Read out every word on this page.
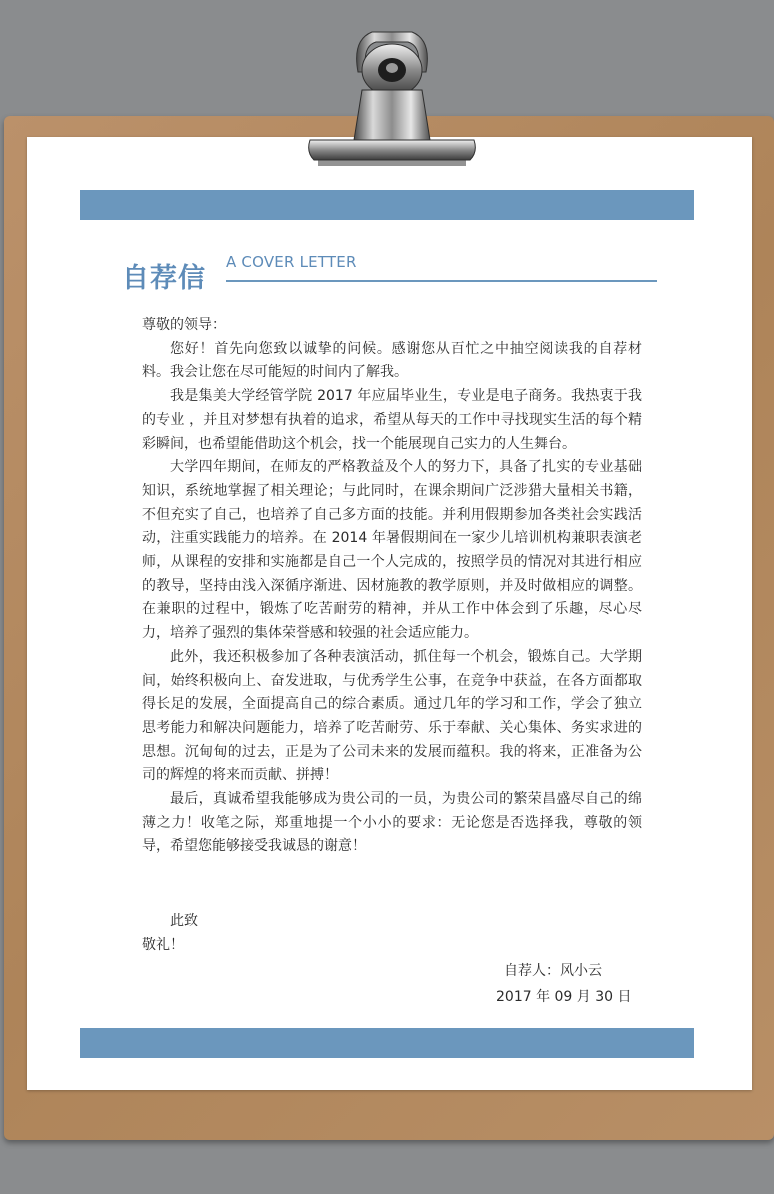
自荐信
A COVER LETTER

尊敬的领导：

您好！首先向您致以诚挚的问候。感谢您从百忙之中抽空阅读我的自荐材料。我会让您在尽可能短的时间内了解我。

我是集美大学经管学院 2017 年应届毕业生，专业是电子商务。我热衷于我的专业 ，并且对梦想有执着的追求，希望从每天的工作中寻找现实生活的每个精彩瞬间，也希望能借助这个机会，找一个能展现自己实力的人生舞台。

大学四年期间，在师友的严格教益及个人的努力下，具备了扎实的专业基础知识，系统地掌握了相关理论；与此同时，在课余期间广泛涉猎大量相关书籍，不但充实了自己，也培养了自己多方面的技能。并利用假期参加各类社会实践活动，注重实践能力的培养。在 2014 年暑假期间在一家少儿培训机构兼职表演老师，从课程的安排和实施都是自己一个人完成的，按照学员的情况对其进行相应的教导，坚持由浅入深循序渐进、因材施教的教学原则，并及时做相应的调整。在兼职的过程中，锻炼了吃苦耐劳的精神，并从工作中体会到了乐趣，尽心尽力，培养了强烈的集体荣誉感和较强的社会适应能力。

此外，我还积极参加了各种表演活动，抓住每一个机会，锻炼自己。大学期间，始终积极向上、奋发进取，与优秀学生公事，在竞争中获益，在各方面都取得长足的发展，全面提高自己的综合素质。通过几年的学习和工作，学会了独立思考能力和解决问题能力，培养了吃苦耐劳、乐于奉献、关心集体、务实求进的思想。沉甸甸的过去，正是为了公司未来的发展而蕴积。我的将来，正准备为公司的辉煌的将来而贡献、拼搏！

最后，真诚希望我能够成为贵公司的一员，为贵公司的繁荣昌盛尽自己的绵薄之力！收笔之际，郑重地提一个小小的要求：无论您是否选择我，尊敬的领导，希望您能够接受我诚恳的谢意！

此致
敬礼！
自荐人：风小云
2017 年 09 月 30 日
